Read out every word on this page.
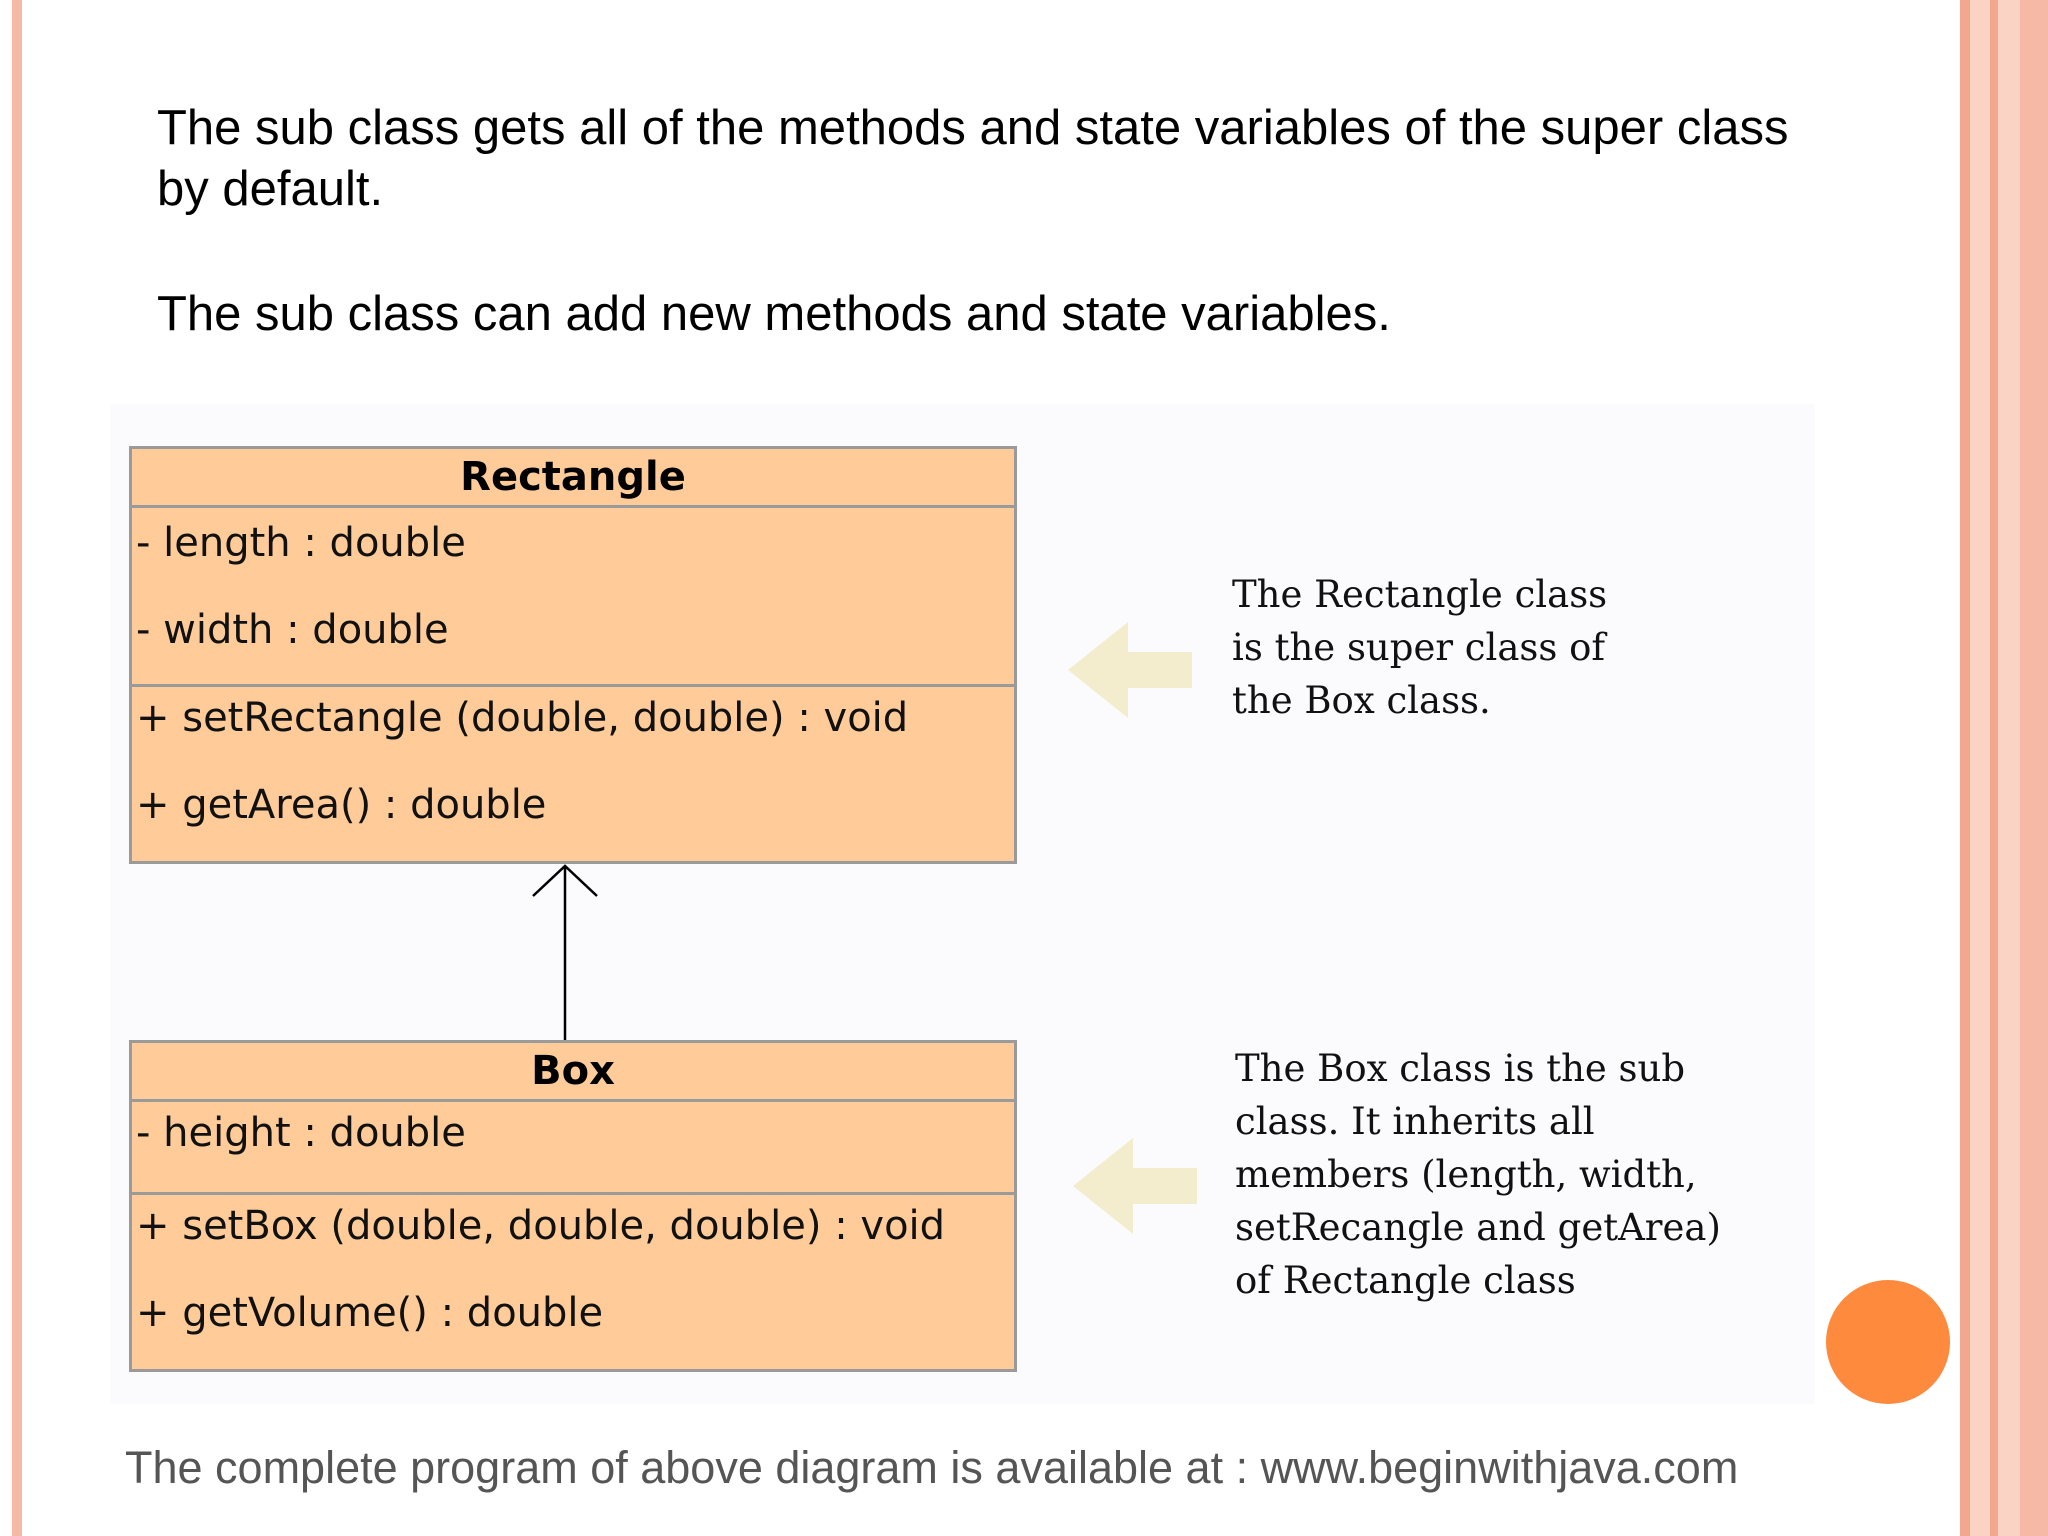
The sub class gets all of the methods and state variables of the super class by default.
The sub class can add new methods and state variables.
Rectangle
- length : double
- width : double
+ setRectangle (double, double) : void
+ getArea() : double
Box
- height : double
+ setBox (double, double, double) : void
+ getVolume() : double
The Rectangle class
is the super class of
the Box class.
The Box class is the sub
class. It inherits all
members (length, width,
setRecangle and getArea)
of Rectangle class
The complete program of above diagram is available at : www.beginwithjava.com
